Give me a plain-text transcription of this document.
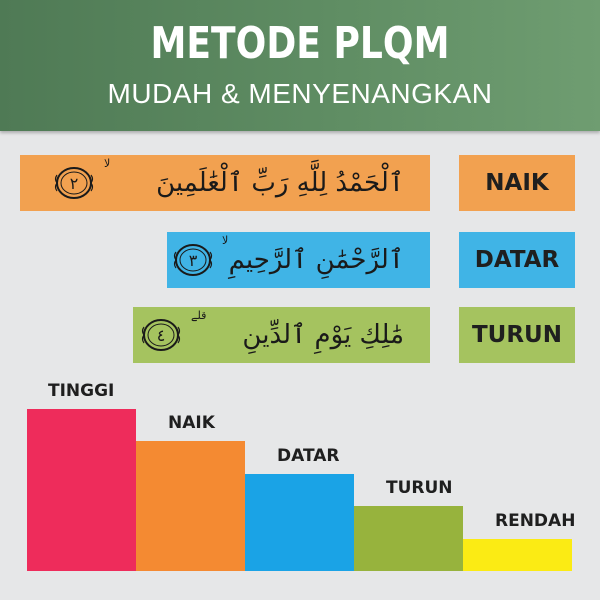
METODE PLQM
MUDAH & MENYENANGKAN
ٱلْحَمْدُ لِلَّهِ رَبِّ ٱلْعَٰلَمِينَ
٢
لا
NAIK
ٱلرَّحْمَٰنِ ٱلرَّحِيمِ
٣
لا
DATAR
مَٰلِكِ يَوْمِ ٱلدِّينِ
٤
قلے
TURUN
TINGGI
NAIK
DATAR
TURUN
RENDAH
